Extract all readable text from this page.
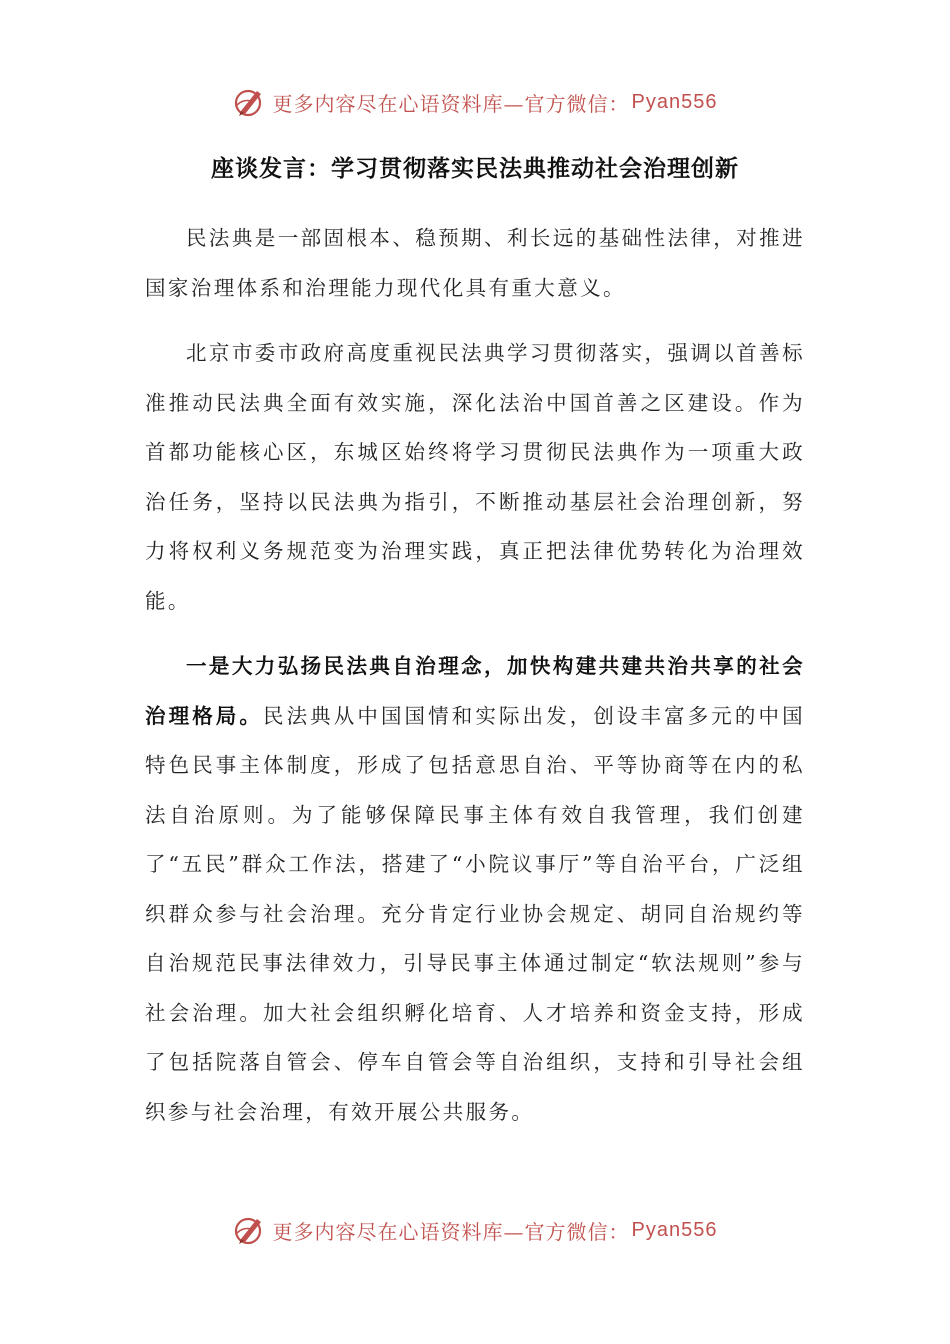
更多内容尽在心语资料库—官方微信： Pyan556
座谈发言：学习贯彻落实民法典推动社会治理创新

民法典是一部固根本、稳预期、利长远的基础性法律，对推进国家治理体系和治理能力现代化具有重大意义。

北京市委市政府高度重视民法典学习贯彻落实，强调以首善标准推动民法典全面有效实施，深化法治中国首善之区建设。作为首都功能核心区，东城区始终将学习贯彻民法典作为一项重大政治任务，坚持以民法典为指引，不断推动基层社会治理创新，努力将权利义务规范变为治理实践，真正把法律优势转化为治理效能。

一是大力弘扬民法典自治理念，加快构建共建共治共享的社会治理格局。民法典从中国国情和实际出发，创设丰富多元的中国特色民事主体制度，形成了包括意思自治、平等协商等在内的私法自治原则。为了能够保障民事主体有效自我管理，我们创建了“五民”群众工作法，搭建了“小院议事厅”等自治平台，广泛组织群众参与社会治理。充分肯定行业协会规定、胡同自治规约等自治规范民事法律效力，引导民事主体通过制定“软法规则”参与社会治理。加大社会组织孵化培育、人才培养和资金支持，形成了包括院落自管会、停车自管会等自治组织，支持和引导社会组织参与社会治理，有效开展公共服务。

更多内容尽在心语资料库—官方微信： Pyan556
